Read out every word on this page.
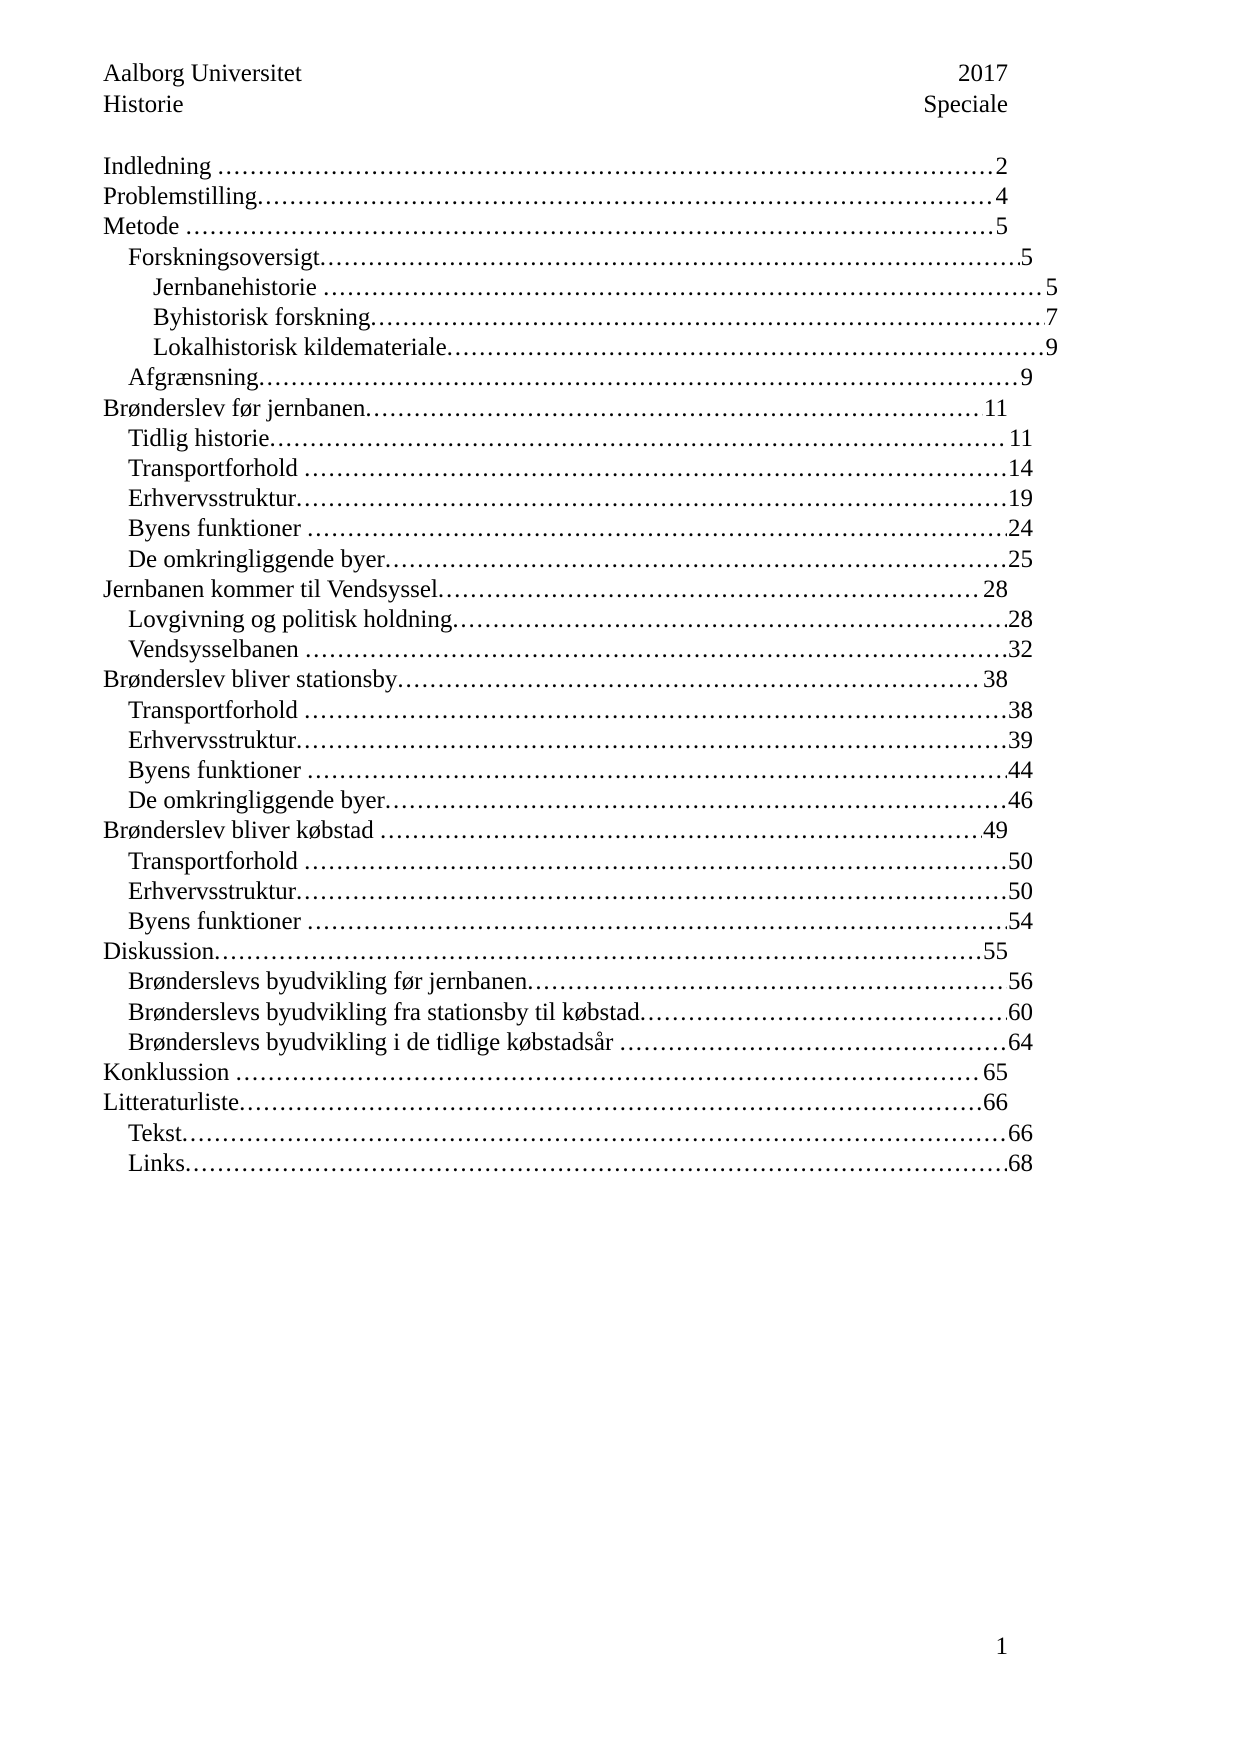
Aalborg Universitet	2017
Historie	Speciale
Indledning . . .	2
Problemstilling . . .	4
Metode . . .	5
Forskningsoversigt . . .	5
Jernbanehistorie . . .	5
Byhistorisk forskning . . .	7
Lokalhistorisk kildemateriale . . .	9
Afgrænsning . . .	9
Brønderslev før jernbanen . . .	11
Tidlig historie . . .	11
Transportforhold . . .	14
Erhvervsstruktur . . .	19
Byens funktioner . . .	24
De omkringliggende byer . . .	25
Jernbanen kommer til Vendsyssel . . .	28
Lovgivning og politisk holdning . . .	28
Vendsysselbanen . . .	32
Brønderslev bliver stationsby . . .	38
Transportforhold . . .	38
Erhvervsstruktur . . .	39
Byens funktioner . . .	44
De omkringliggende byer . . .	46
Brønderslev bliver købstad . . .	49
Transportforhold . . .	50
Erhvervsstruktur . . .	50
Byens funktioner . . .	54
Diskussion . . .	55
Brønderslevs byudvikling før jernbanen . . .	56
Brønderslevs byudvikling fra stationsby til købstad . . .	60
Brønderslevs byudvikling i de tidlige købstadsår . . .	64
Konklussion . . .	65
Litteraturliste . . .	66
Tekst . . .	66
Links . . .	68
1
